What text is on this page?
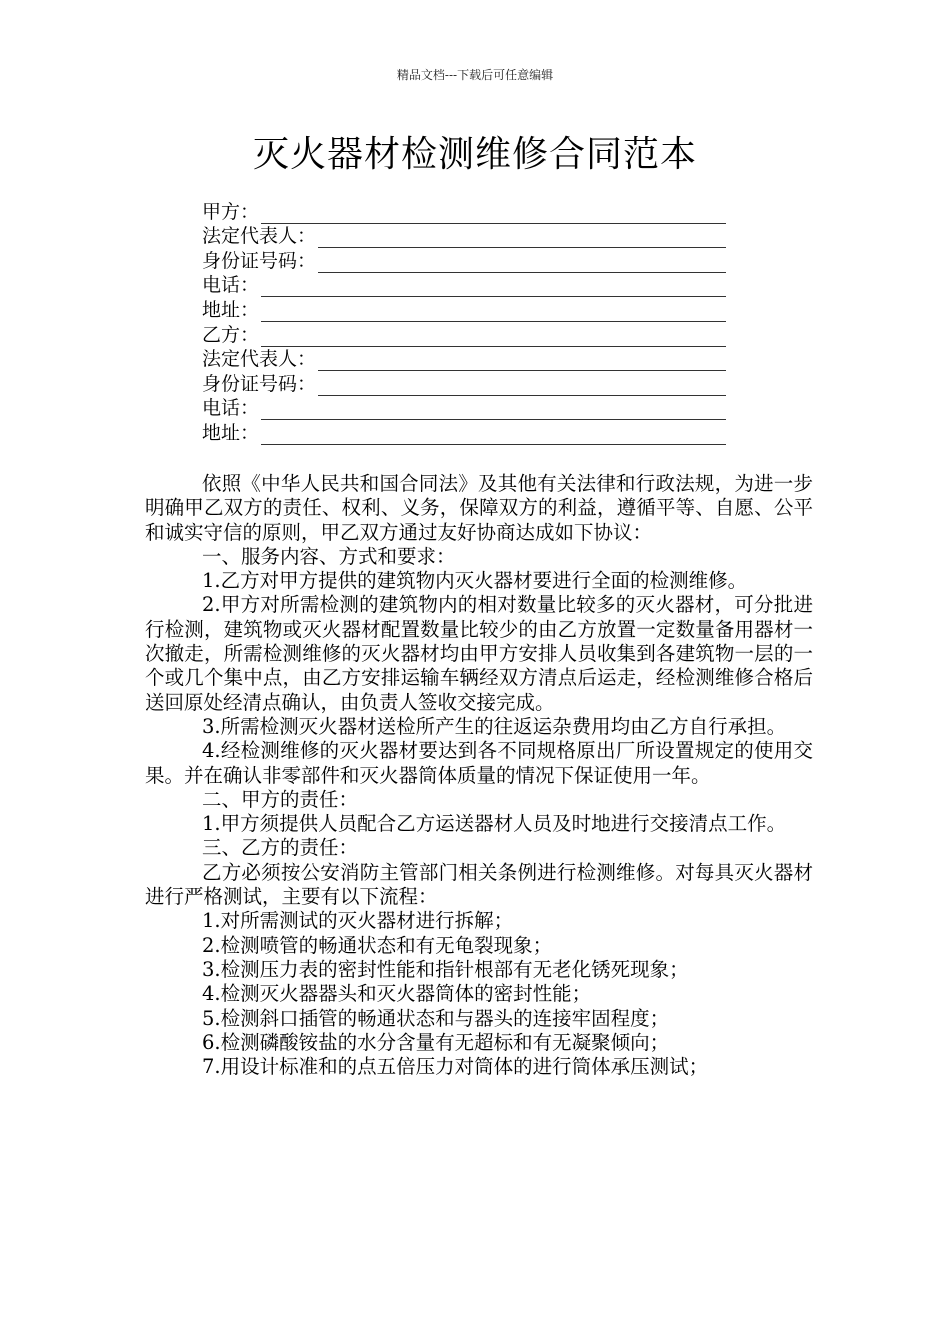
精品文档---下载后可任意编辑
灭火器材检测维修合同范本
甲方：
法定代表人：
身份证号码：
电话：
地址：
乙方：
法定代表人：
身份证号码：
电话：
地址：

依照《中华人民共和国合同法》及其他有关法律和行政法规，为进一步明确甲乙双方的责任、权利、义务，保障双方的利益，遵循平等、自愿、公平和诚实守信的原则，甲乙双方通过友好协商达成如下协议：

一、服务内容、方式和要求：

1.乙方对甲方提供的建筑物内灭火器材要进行全面的检测维修。

2.甲方对所需检测的建筑物内的相对数量比较多的灭火器材，可分批进行检测，建筑物或灭火器材配置数量比较少的由乙方放置一定数量备用器材一次撤走，所需检测维修的灭火器材均由甲方安排人员收集到各建筑物一层的一个或几个集中点，由乙方安排运输车辆经双方清点后运走，经检测维修合格后送回原处经清点确认，由负责人签收交接完成。

3.所需检测灭火器材送检所产生的往返运杂费用均由乙方自行承担。

4.经检测维修的灭火器材要达到各不同规格原出厂所设置规定的使用交果。并在确认非零部件和灭火器筒体质量的情况下保证使用一年。

二、甲方的责任：

1.甲方须提供人员配合乙方运送器材人员及时地进行交接清点工作。

三、乙方的责任：

乙方必须按公安消防主管部门相关条例进行检测维修。对每具灭火器材进行严格测试，主要有以下流程：

1.对所需测试的灭火器材进行拆解；

2.检测喷管的畅通状态和有无龟裂现象；

3.检测压力表的密封性能和指针根部有无老化锈死现象；

4.检测灭火器器头和灭火器筒体的密封性能；

5.检测斜口插管的畅通状态和与器头的连接牢固程度；

6.检测磷酸铵盐的水分含量有无超标和有无凝聚倾向；

7.用设计标准和的点五倍压力对筒体的进行筒体承压测试；
